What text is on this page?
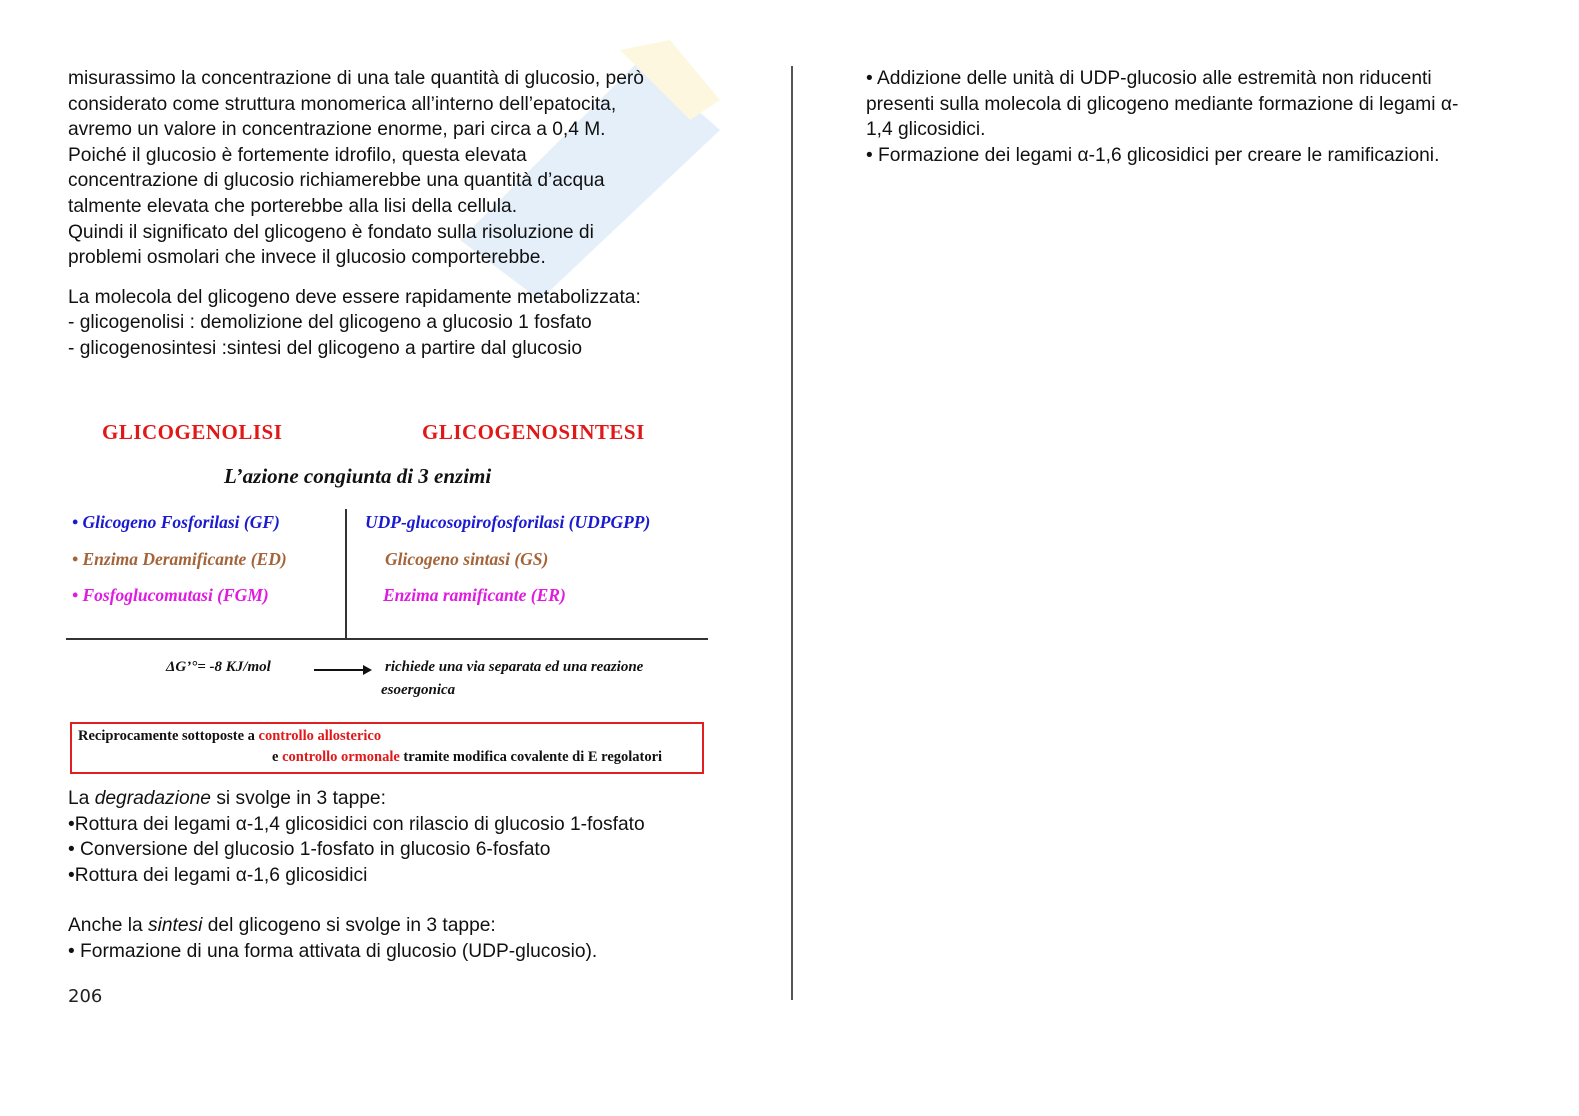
misurassimo la concentrazione di una tale quantità di glucosio, però

considerato come struttura monomerica all’interno dell’epatocita,

avremo un valore in concentrazione enorme, pari circa a 0,4 M.

Poiché il glucosio è fortemente idrofilo, questa elevata

concentrazione di glucosio richiamerebbe una quantità d’acqua

talmente elevata che porterebbe alla lisi della cellula.

Quindi il significato del glicogeno è fondato sulla risoluzione di

problemi osmolari che invece il glucosio comporterebbe.

La molecola del glicogeno deve essere rapidamente metabolizzata:

- glicogenolisi : demolizione del glicogeno a glucosio 1 fosfato

- glicogenosintesi :sintesi del glicogeno a partire dal glucosio

GLICOGENOLISI	GLICOGENOSINTESI
L’azione congiunta di 3 enzimi
• Glicogeno Fosforilasi (GF)
• Enzima Deramificante (ED)
• Fosfoglucomutasi (FGM)
UDP-glucosopirofosforilasi (UDPGPP)
Glicogeno sintasi (GS)
Enzima ramificante (ER)
ΔG’°= -8 KJ/mol	richiede una via separata ed una reazione
esoergonica
Reciprocamente sottoposte a controllo allosterico
e controllo ormonale tramite modifica covalente di E regolatori

La degradazione si svolge in 3 tappe:

•Rottura dei legami α-1,4 glicosidici con rilascio di glucosio 1-fosfato

• Conversione del glucosio 1-fosfato in glucosio 6-fosfato

•Rottura dei legami α-1,6 glicosidici

Anche la sintesi del glicogeno si svolge in 3 tappe:

• Formazione di una forma attivata di glucosio (UDP-glucosio).

206

• Addizione delle unità di UDP-glucosio alle estremità non riducenti

presenti sulla molecola di glicogeno mediante formazione di legami α-

1,4 glicosidici.

• Formazione dei legami α-1,6 glicosidici per creare le ramificazioni.
